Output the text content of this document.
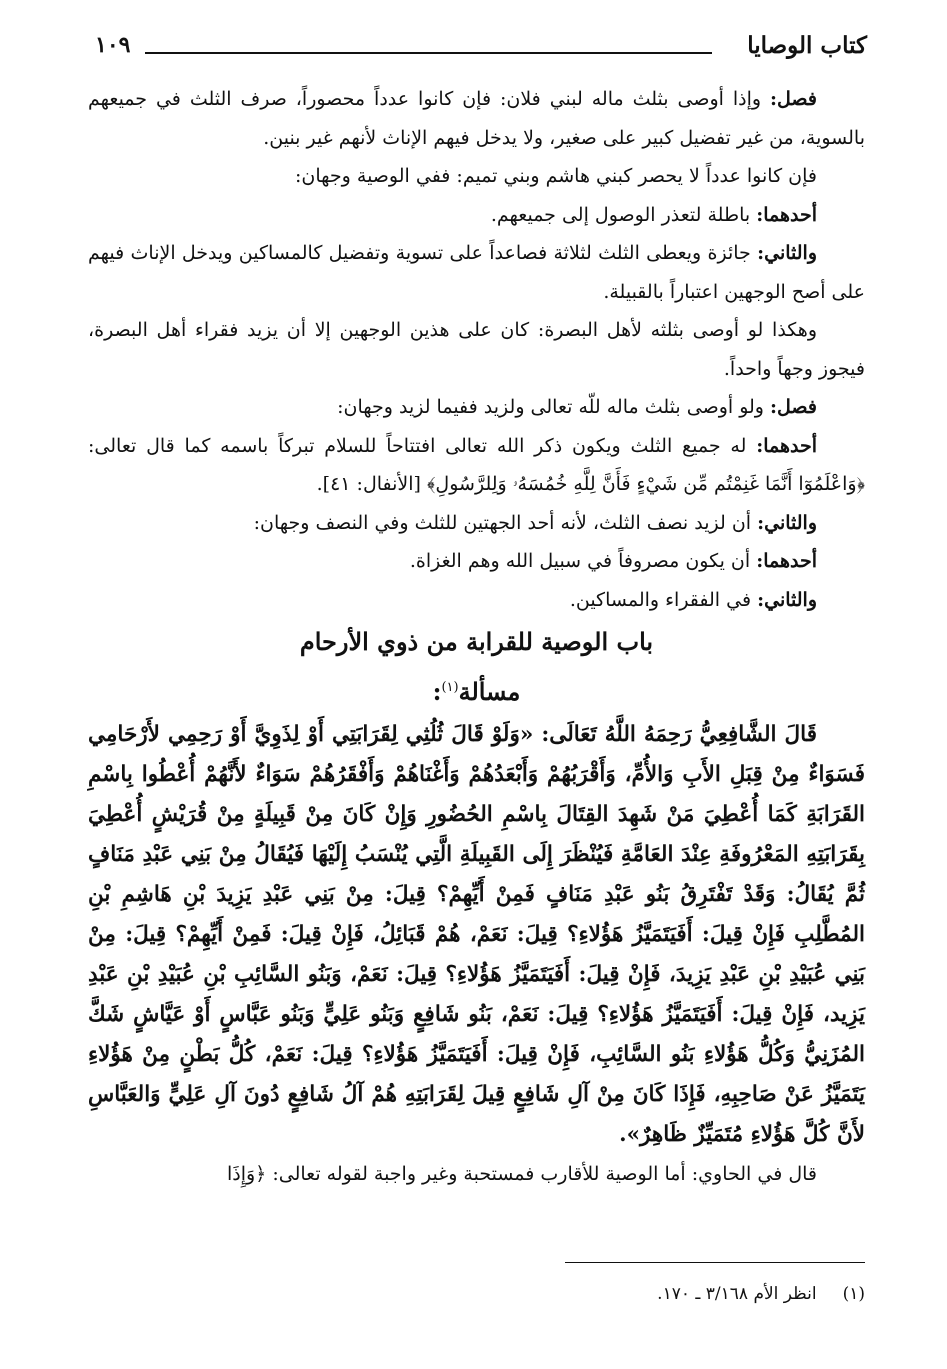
كتاب الوصايا
١٠٩

فصل: وإذا أوصى بثلث ماله لبني فلان: فإن كانوا عدداً محصوراً، صرف الثلث في جميعهم بالسوية، من غير تفضيل كبير على صغير، ولا يدخل فيهم الإناث لأنهم غير بنين.

فإن كانوا عدداً لا يحصر كبني هاشم وبني تميم: ففي الوصية وجهان:

أحدهما: باطلة لتعذر الوصول إلى جميعهم.

والثاني: جائزة ويعطى الثلث لثلاثة فصاعداً على تسوية وتفضيل كالمساكين ويدخل الإناث فيهم على أصح الوجهين اعتباراً بالقبيلة.

وهكذا لو أوصى بثلثه لأهل البصرة: كان على هذين الوجهين إلا أن يزيد فقراء أهل البصرة، فيجوز وجهاً واحداً.

فصل: ولو أوصى بثلث ماله للّه تعالى ولزيد ففيما لزيد وجهان:

أحدهما: له جميع الثلث ويكون ذكر الله تعالى افتتاحاً للسلام تبركاً باسمه كما قال تعالى: ﴿وَاعْلَمُوٓا أَنَّمَا غَنِمْتُم مِّن شَيْءٍ فَأَنَّ لِلَّهِ خُمُسَهُۥ وَلِلرَّسُولِ﴾ [الأنفال: ٤١].

والثاني: أن لزيد نصف الثلث، لأنه أحد الجهتين للثلث وفي النصف وجهان:

أحدهما: أن يكون مصروفاً في سبيل الله وهم الغزاة.

والثاني: في الفقراء والمساكين.

باب الوصية للقرابة من ذوي الأرحام

مسألة$^{(١)}$:

قَالَ الشَّافِعِيُّ رَحِمَهُ اللَّهُ تَعَالَى: «وَلَوْ قَالَ ثُلُثِي لِقَرَابَتِي أَوْ لِذَوِيَّ أَوْ رَحِمِي لأَرْحَامِي فَسَوَاءٌ مِنْ قِبَلِ الأَبِ وَالأُمِّ، وَأَقْرَبُهُمْ وَأَبْعَدُهُمْ وَأَغْنَاهُمْ وَأَفْقَرُهُمْ سَوَاءٌ لأَنَّهُمْ أُعْطُوا بِاسْمِ القَرَابَةِ كَمَا أُعْطِيَ مَنْ شَهِدَ القِتَالَ بِاسْمِ الحُضُورِ وَإِنْ كَانَ مِنْ قَبِيلَةٍ مِنْ قُرَيْشٍ أُعْطِيَ بِقَرَابَتِهِ المَعْرُوفَةِ عِنْدَ العَامَّةِ فَيُنْظَرَ إِلَى القَبِيلَةِ الَّتِي يُنْسَبُ إِلَيْهَا فَيُقَالُ مِنْ بَنِي عَبْدِ مَنَافٍ ثُمَّ يُقَالُ: وَقَدْ تَفْتَرِقُ بَنُو عَبْدِ مَنَافٍ فَمِنْ أَيِّهِمْ؟ قِيلَ: مِنْ بَنِي عَبْدِ يَزِيدَ بْنِ هَاشِمِ بْنِ المُطَّلِبِ فَإِنْ قِيلَ: أَفَيَتَمَيَّزُ هَؤُلاءِ؟ قِيلَ: نَعَمْ، هُمْ قَبَائِلُ، فَإِنْ قِيلَ: فَمِنْ أَيِّهِمْ؟ قِيلَ: مِنْ بَنِي عُبَيْدِ بْنِ عَبْدِ يَزِيدَ، فَإِنْ قِيلَ: أَفَيَتَمَيَّزُ هَؤُلاءِ؟ قِيلَ: نَعَمْ، وَبَنُو السَّائِبِ بْنِ عُبَيْدِ بْنِ عَبْدِ يَزِيد، فَإِنْ قِيلَ: أَفَيَتَمَيَّزُ هَؤُلاءِ؟ قِيلَ: نَعَمْ، بَنُو شَافِعٍ وَبَنُو عَلِيٍّ وَبَنُو عَبَّاسٍ أَوْ عَيَّاشٍ شَكَّ المُزَنِيُّ وَكُلُّ هَؤُلاءِ بَنُو السَّائِبِ، فَإِنْ قِيلَ: أَفَيَتَمَيَّزُ هَؤُلاءِ؟ قِيلَ: نَعَمْ، كُلُّ بَطْنٍ مِنْ هَؤُلاءِ يَتَمَيَّزُ عَنْ صَاحِبِهِ، فَإِذَا كَانَ مِنْ آلِ شَافِعٍ قِيلَ لِقَرَابَتِهِ هُمْ آلُ شَافِعٍ دُونَ آلِ عَلِيٍّ وَالعَبَّاسِ لأَنَّ كُلَّ هَؤُلاءِ مُتَمَيِّزٌ ظَاهِرٌ».

قال في الحاوي: أما الوصية للأقارب فمستحبة وغير واجبة لقوله تعالى: ﴿وَإِذَا

(١)انظر الأم ٣/١٦٨ ـ ١٧٠.
